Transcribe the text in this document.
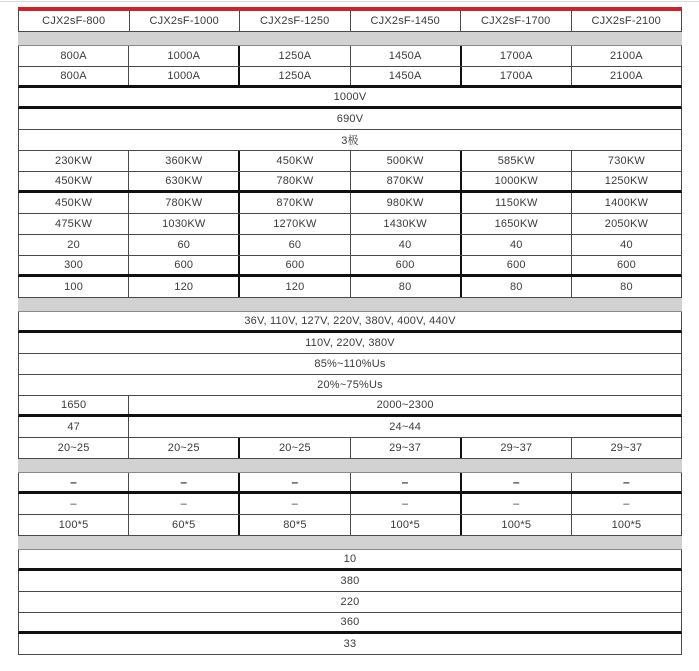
CJX2sF-800	CJX2sF-1000	CJX2sF-1250	CJX2sF-1450	CJX2sF-1700	CJX2sF-2100
800A	1000A	1250A	1450A	1700A	2100A
800A	1000A	1250A	1450A	1700A	2100A
1000V
690V
3极
230KW	360KW	450KW	500KW	585KW	730KW
450KW	630KW	780KW	870KW	1000KW	1250KW
450KW	780KW	870KW	980KW	1150KW	1400KW
475KW	1030KW	1270KW	1430KW	1650KW	2050KW
20	60	60	40	40	40
300	600	600	600	600	600
100	120	120	80	80	80
36V, 110V, 127V, 220V, 380V, 400V, 440V
110V, 220V, 380V
85%~110%Us
20%~75%Us
1650	2000~2300
47	24~44
20~25	20~25	20~25	29~37	29~37	29~37
–	–	–	–	–	–
–	–	–	–	–	–
100*5	60*5	80*5	100*5	100*5	100*5
10
380
220
360
33
